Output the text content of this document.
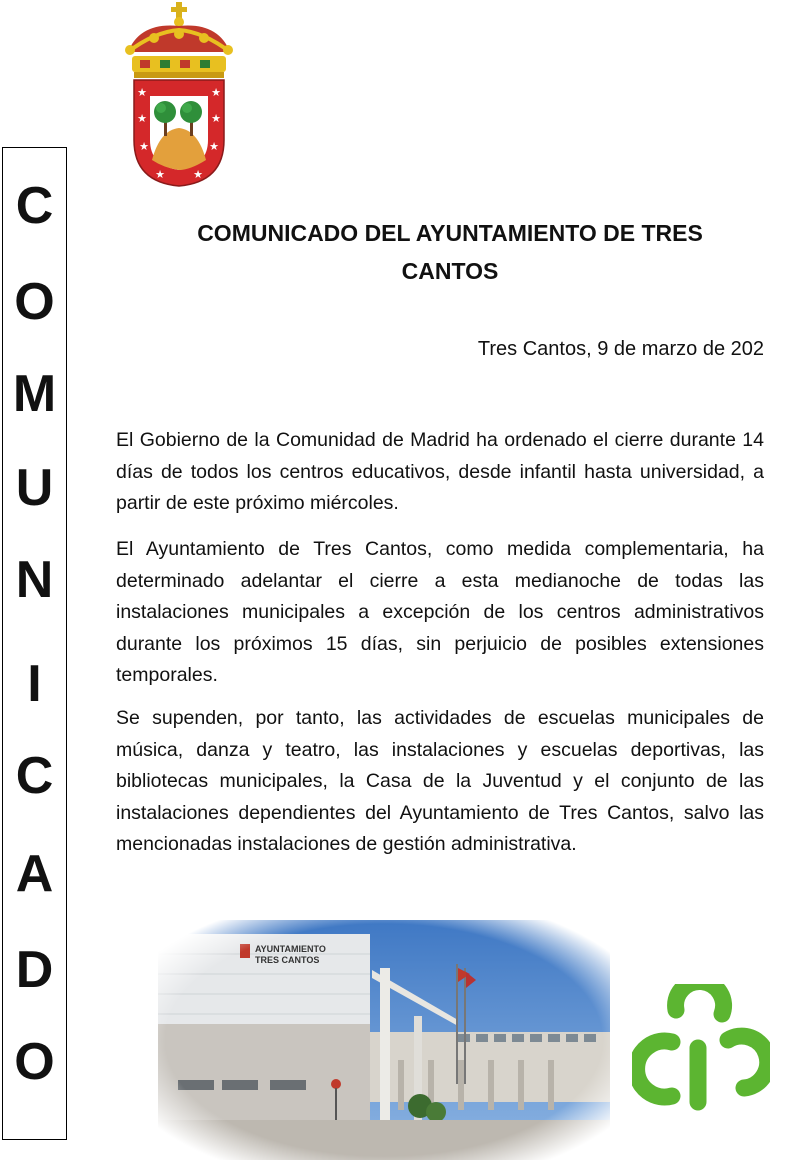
C
O
M
U
N
I
C
A
D
O
★	★
★	★
★	★
★	★
COMUNICADO DEL AYUNTAMIENTO DE TRES
CANTOS
Tres Cantos, 9 de marzo de 202

El Gobierno de la Comunidad de Madrid ha ordenado el cierre durante 14 días de todos los centros educativos, desde infantil hasta universidad, a partir de este próximo miércoles.

El Ayuntamiento de Tres Cantos, como medida complementaria, ha determinado adelantar el cierre a esta medianoche de todas las instalaciones municipales a excepción de los centros administrativos durante los próximos 15 días, sin perjuicio de posibles extensiones temporales.

Se supenden, por tanto, las actividades de escuelas municipales de música, danza y teatro, las instalaciones y escuelas deportivas, las bibliotecas municipales, la Casa de la Juventud y el conjunto de las instalaciones dependientes del Ayuntamiento de Tres Cantos, salvo las mencionadas instalaciones de gestión administrativa.
